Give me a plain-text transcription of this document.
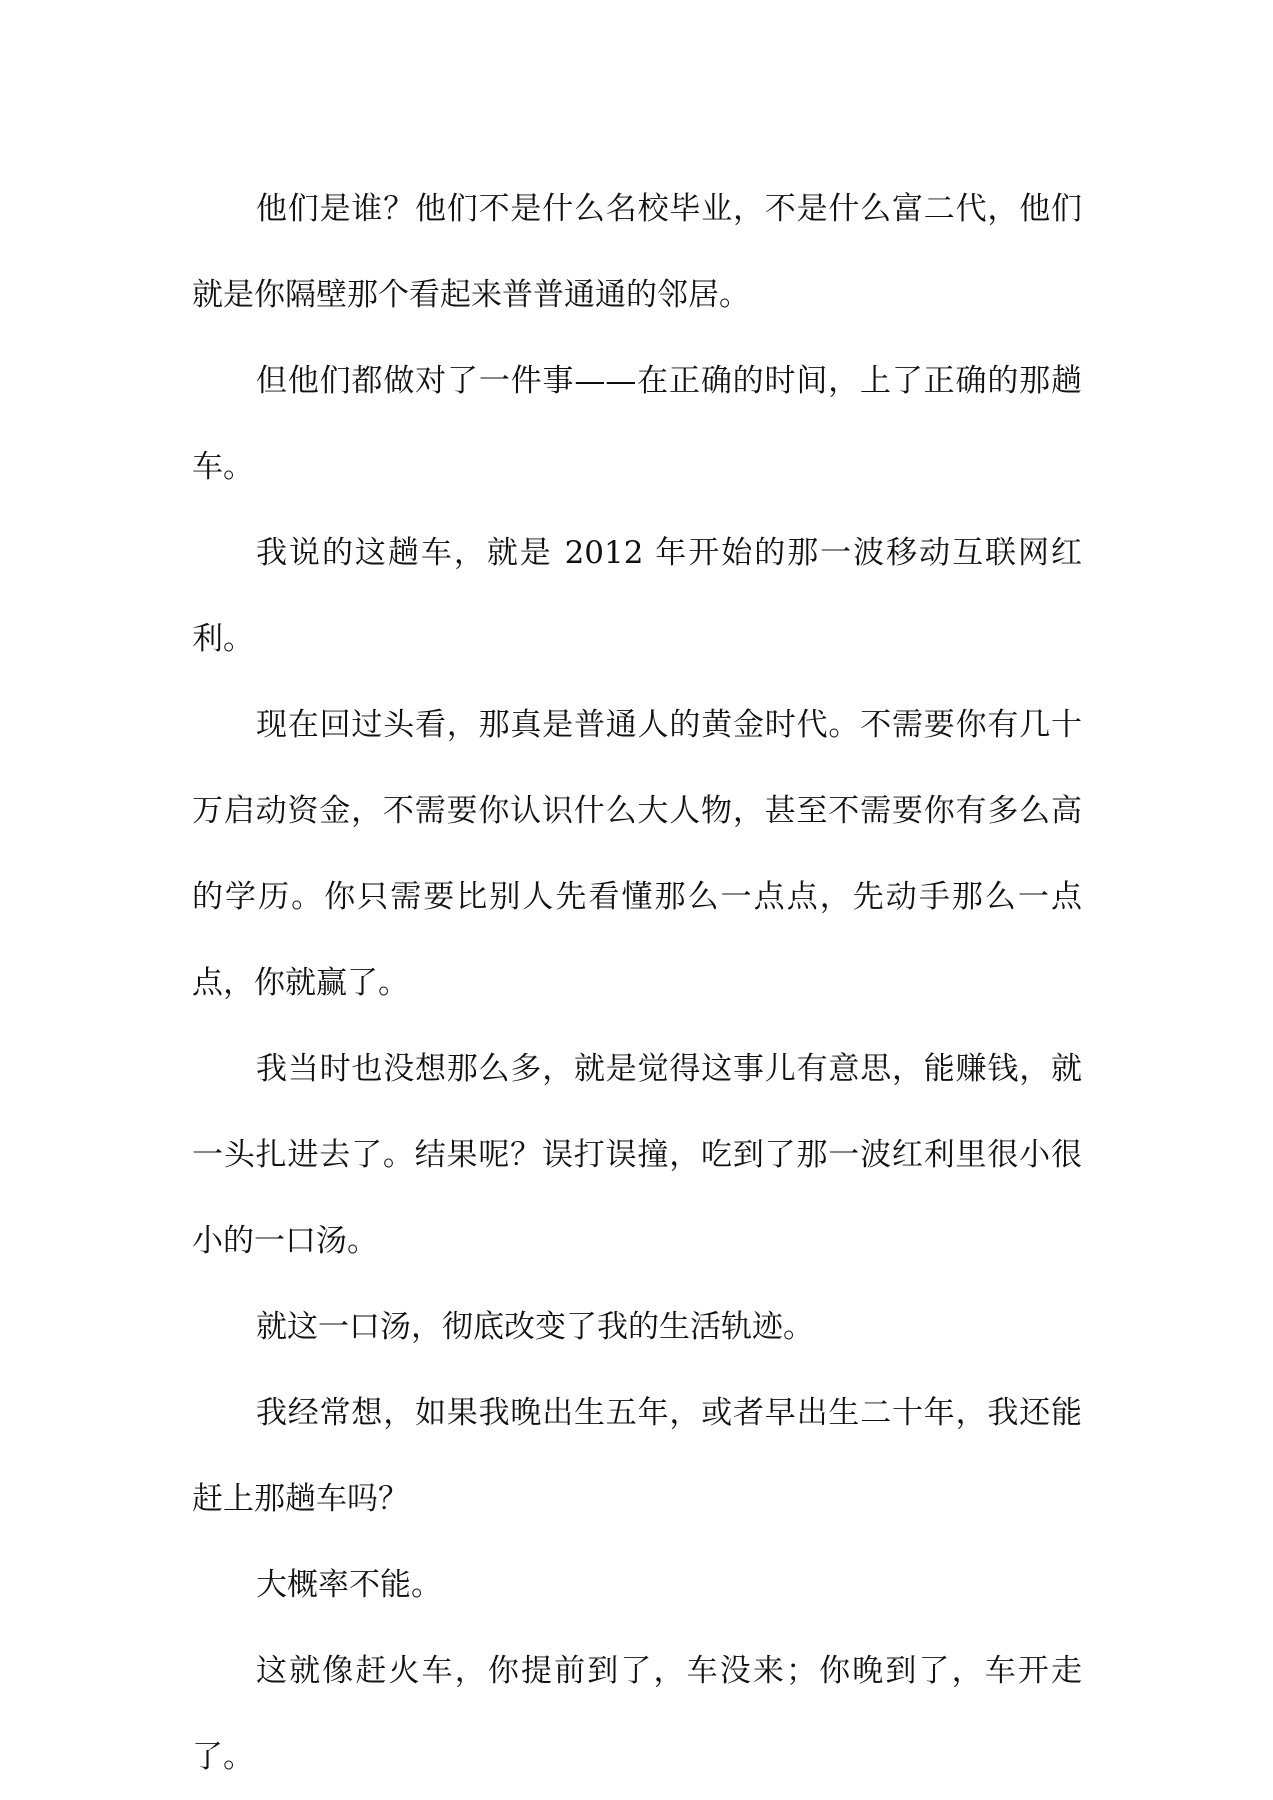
他们是谁？他们不是什么名校毕业，不是什么富二代，他们就是你隔壁那个看起来普普通通的邻居。

但他们都做对了一件事——在正确的时间，上了正确的那趟车。

我说的这趟车，就是 2012 年开始的那一波移动互联网红利。

现在回过头看，那真是普通人的黄金时代。不需要你有几十万启动资金，不需要你认识什么大人物，甚至不需要你有多么高的学历。你只需要比别人先看懂那么一点点，先动手那么一点点，你就赢了。

我当时也没想那么多，就是觉得这事儿有意思，能赚钱，就一头扎进去了。结果呢？误打误撞，吃到了那一波红利里很小很小的一口汤。

就这一口汤，彻底改变了我的生活轨迹。

我经常想，如果我晚出生五年，或者早出生二十年，我还能赶上那趟车吗？

大概率不能。

这就像赶火车，你提前到了，车没来；你晚到了，车开走了。
